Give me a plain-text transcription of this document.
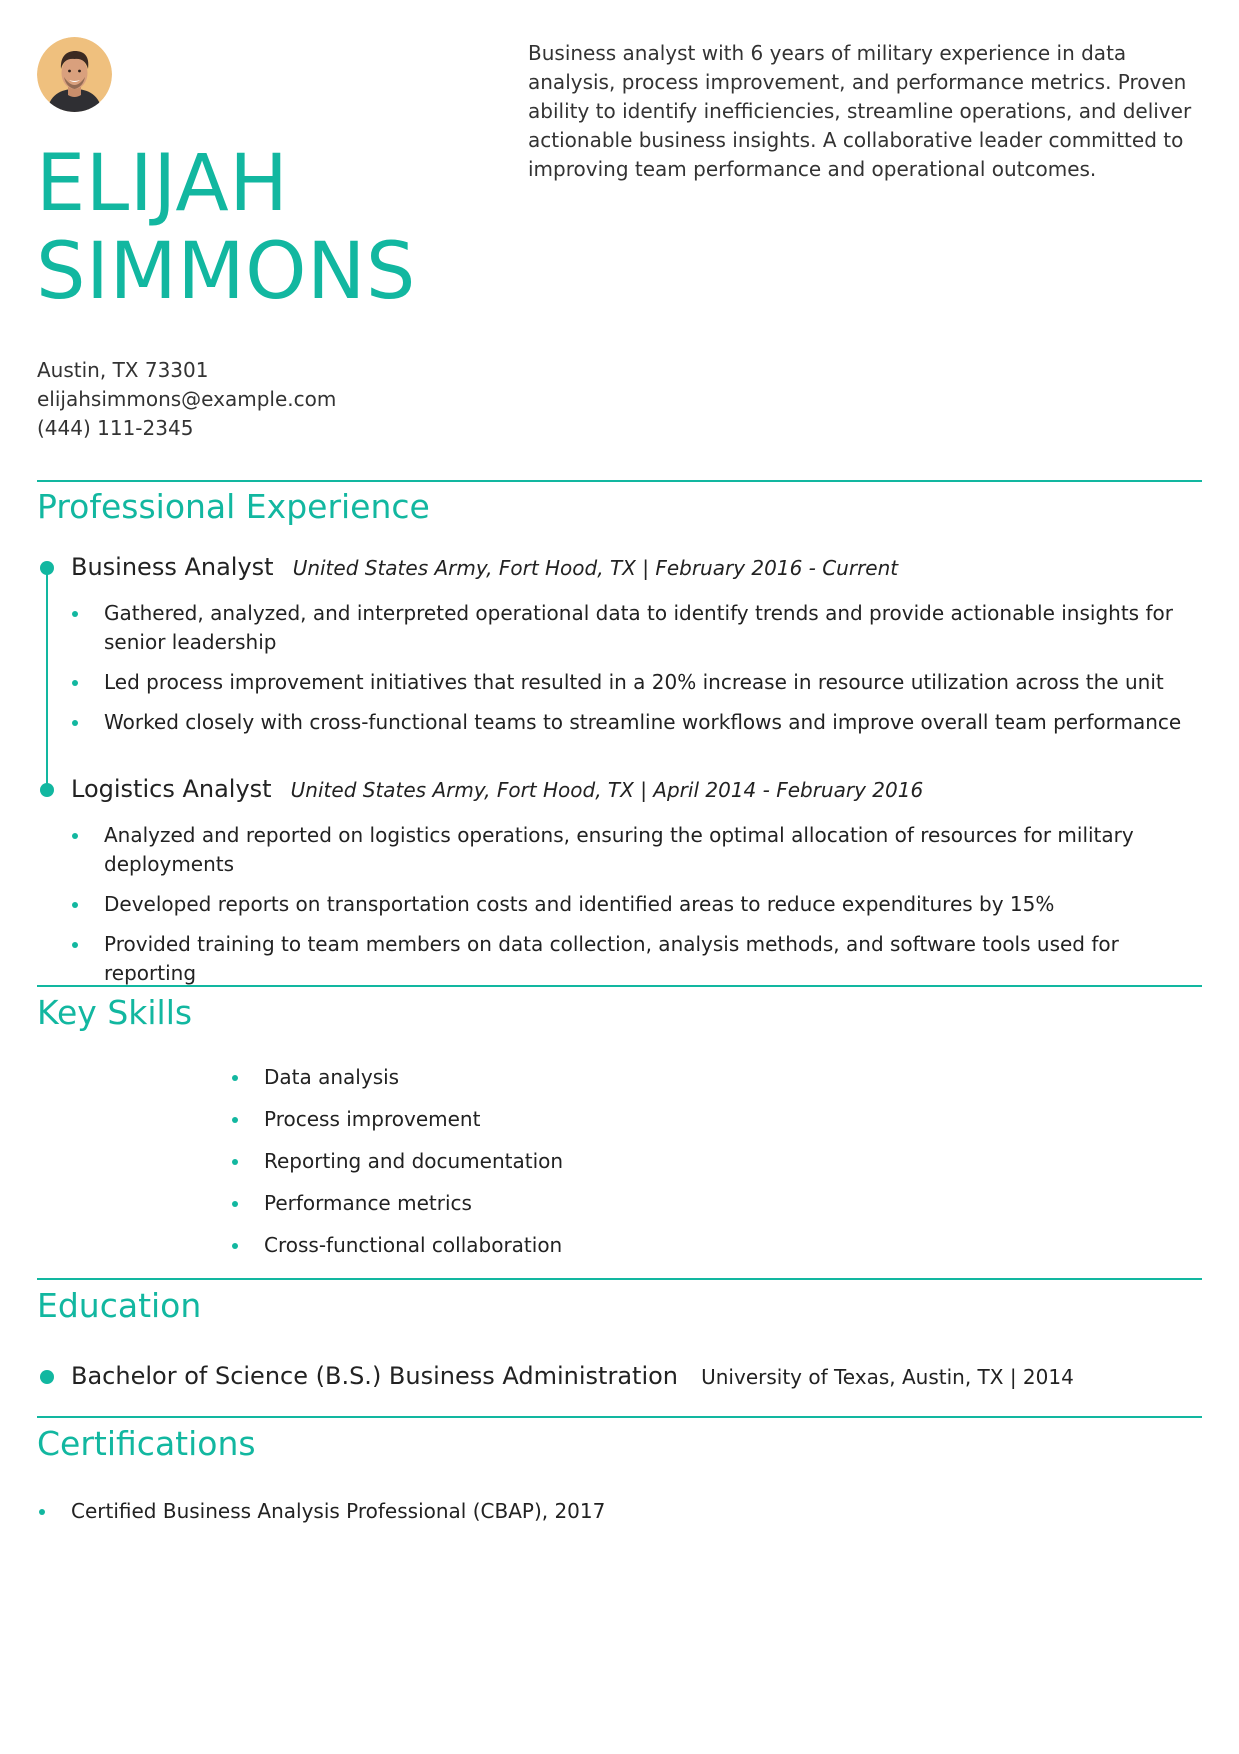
ELIJAH
SIMMONS

Business analyst with 6 years of military experience in data analysis, process improvement, and performance metrics. Proven ability to identify inefficiencies, streamline operations, and deliver actionable business insights. A collaborative leader committed to improving team performance and operational outcomes.

Austin, TX 73301
elijahsimmons@example.com
(444) 111-2345
Professional Experience
Business Analyst United States Army, Fort Hood, TX | February 2016 - Current
Gathered, analyzed, and interpreted operational data to identify trends and provide actionable insights for senior leadership
Led process improvement initiatives that resulted in a 20% increase in resource utilization across the unit
Worked closely with cross-functional teams to streamline workflows and improve overall team performance
Logistics Analyst United States Army, Fort Hood, TX | April 2014 - February 2016
Analyzed and reported on logistics operations, ensuring the optimal allocation of resources for military deployments
Developed reports on transportation costs and identified areas to reduce expenditures by 15%
Provided training to team members on data collection, analysis methods, and software tools used for reporting
Key Skills
Data analysis
Process improvement
Reporting and documentation
Performance metrics
Cross-functional collaboration
Education
Bachelor of Science (B.S.) Business Administration University of Texas, Austin, TX | 2014
Certifications
Certified Business Analysis Professional (CBAP), 2017
